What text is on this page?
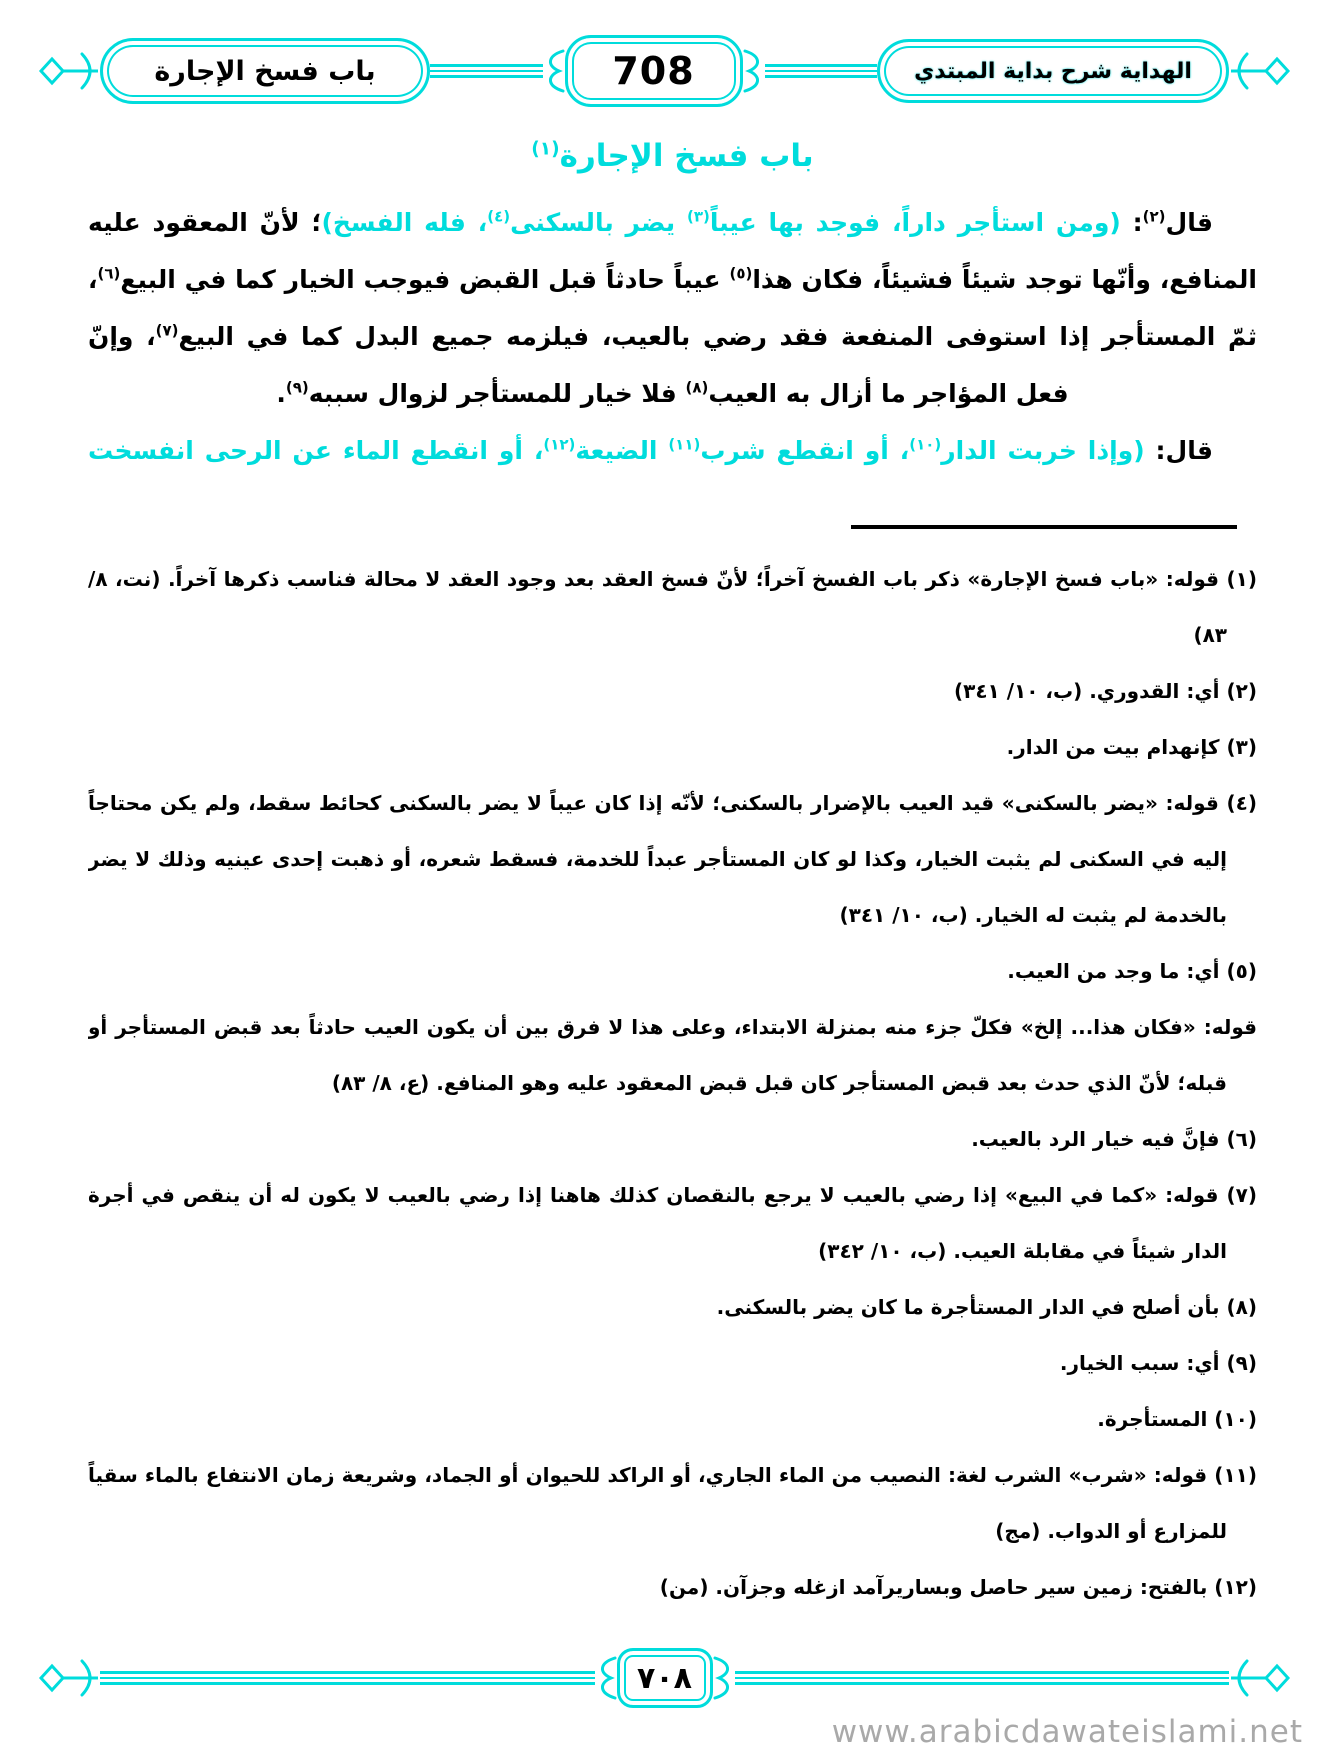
باب فسخ الإجارة	708	الهداية شرح بداية المبتدي
باب فسخ الإجارة$^{(١)}$

قال$^{(٢)}$: (ومن استأجر داراً، فوجد بها عيباً$^{(٣)}$ يضر بالسكنى$^{(٤)}$، فله الفسخ)؛ لأنّ المعقود عليه المنافع، وأنّها توجد شيئاً فشيئاً، فكان هذا$^{(٥)}$ عيباً حادثاً قبل القبض فيوجب الخيار كما في البيع$^{(٦)}$، ثمّ المستأجر إذا استوفى المنفعة فقد رضي بالعيب، فيلزمه جميع البدل كما في البيع$^{(٧)}$، وإنّ فعل المؤاجر ما أزال به العيب$^{(٨)}$ فلا خيار للمستأجر لزوال سببه$^{(٩)}$.

قال: (وإذا خربت الدار$^{(١٠)}$، أو انقطع شرب$^{(١١)}$ الضيعة$^{(١٢)}$، أو انقطع الماء عن الرحى انفسخت

(١) قوله: «باب فسخ الإجارة» ذكر باب الفسخ آخراً؛ لأنّ فسخ العقد بعد وجود العقد لا محالة فناسب ذكرها آخراً. (نت، ٨/ ٨٣)
(٢) أي: القدوري. (ب، ١٠/ ٣٤١)
(٣) كإنهدام بيت من الدار.
(٤) قوله: «يضر بالسكنى» قيد العيب بالإضرار بالسكنى؛ لأنّه إذا كان عيباً لا يضر بالسكنى كحائط سقط، ولم يكن محتاجاً إليه في السكنى لم يثبت الخيار، وكذا لو كان المستأجر عبداً للخدمة، فسقط شعره، أو ذهبت إحدى عينيه وذلك لا يضر بالخدمة لم يثبت له الخيار. (ب، ١٠/ ٣٤١)
(٥) أي: ما وجد من العيب.
قوله: «فكان هذا... إلخ» فكلّ جزء منه بمنزلة الابتداء، وعلى هذا لا فرق بين أن يكون العيب حادثاً بعد قبض المستأجر أو قبله؛ لأنّ الذي حدث بعد قبض المستأجر كان قبل قبض المعقود عليه وهو المنافع. (ع، ٨/ ٨٣)
(٦) فإنَّ فيه خيار الرد بالعيب.
(٧) قوله: «كما في البيع» إذا رضي بالعيب لا يرجع بالنقصان كذلك هاهنا إذا رضي بالعيب لا يكون له أن ينقص في أجرة الدار شيئاً في مقابلة العيب. (ب، ١٠/ ٣٤٢)
(٨) بأن أصلح في الدار المستأجرة ما كان يضر بالسكنى.
(٩) أي: سبب الخيار.
(١٠) المستأجرة.
(١١) قوله: «شرب» الشرب لغة: النصيب من الماء الجاري، أو الراكد للحيوان أو الجماد، وشريعة زمان الانتفاع بالماء سقياً للمزارع أو الدواب. (مج)
(١٢) بالفتح: زمين سير حاصل وبساريرآمد ازغله وجزآن. (من)
٧٠٨
www.arabicdawateislami.net
